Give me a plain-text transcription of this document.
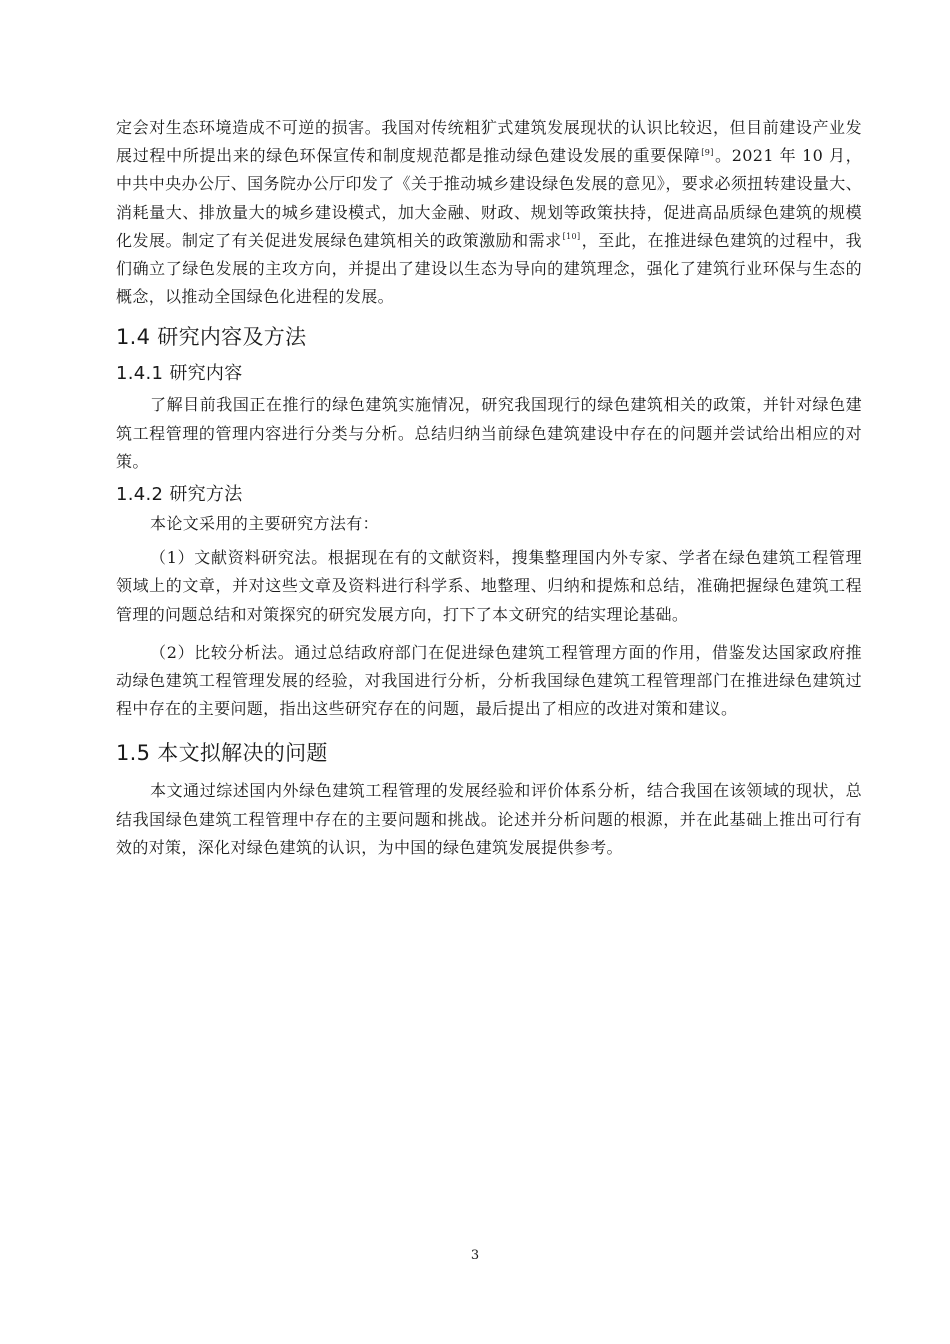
定会对生态环境造成不可逆的损害。我国对传统粗犷式建筑发展现状的认识比较迟，但目前建设产业发展过程中所提出来的绿色环保宣传和制度规范都是推动绿色建设发展的重要保障[9]。2021 年 10 月，中共中央办公厅、国务院办公厅印发了《关于推动城乡建设绿色发展的意见》，要求必须扭转建设量大、消耗量大、排放量大的城乡建设模式，加大金融、财政、规划等政策扶持，促进高品质绿色建筑的规模化发展。制定了有关促进发展绿色建筑相关的政策激励和需求[10]，至此，在推进绿色建筑的过程中，我们确立了绿色发展的主攻方向，并提出了建设以生态为导向的建筑理念，强化了建筑行业环保与生态的概念，以推动全国绿色化进程的发展。

1.4 研究内容及方法
1.4.1 研究内容

了解目前我国正在推行的绿色建筑实施情况，研究我国现行的绿色建筑相关的政策，并针对绿色建筑工程管理的管理内容进行分类与分析。总结归纳当前绿色建筑建设中存在的问题并尝试给出相应的对策。

1.4.2 研究方法

本论文采用的主要研究方法有：

（1）文献资料研究法。根据现在有的文献资料，搜集整理国内外专家、学者在绿色建筑工程管理领域上的文章，并对这些文章及资料进行科学系、地整理、归纳和提炼和总结，准确把握绿色建筑工程管理的问题总结和对策探究的研究发展方向，打下了本文研究的结实理论基础。

（2）比较分析法。通过总结政府部门在促进绿色建筑工程管理方面的作用，借鉴发达国家政府推动绿色建筑工程管理发展的经验，对我国进行分析，分析我国绿色建筑工程管理部门在推进绿色建筑过程中存在的主要问题，指出这些研究存在的问题，最后提出了相应的改进对策和建议。

1.5 本文拟解决的问题

本文通过综述国内外绿色建筑工程管理的发展经验和评价体系分析，结合我国在该领域的现状，总结我国绿色建筑工程管理中存在的主要问题和挑战。论述并分析问题的根源，并在此基础上推出可行有效的对策，深化对绿色建筑的认识，为中国的绿色建筑发展提供参考。

3
